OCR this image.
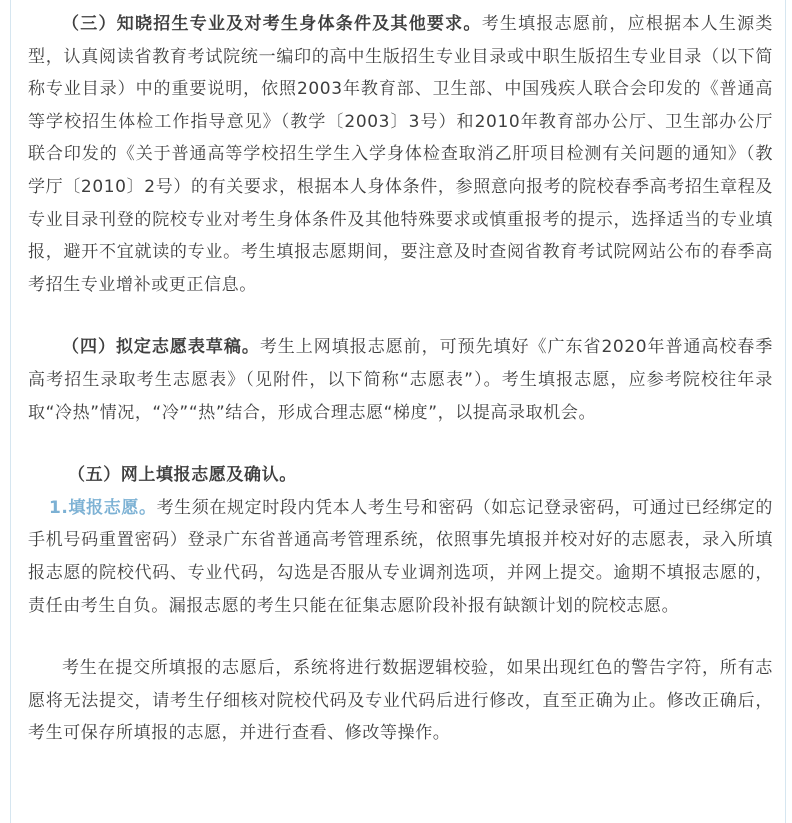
（三）知晓招生专业及对考生身体条件及其他要求。考生填报志愿前，应根据本人生源类型，认真阅读省教育考试院统一编印的高中生版招生专业目录或中职生版招生专业目录（以下简称专业目录）中的重要说明，依照2003年教育部、卫生部、中国残疾人联合会印发的《普通高等学校招生体检工作指导意见》（教学〔2003〕3号）和2010年教育部办公厅、卫生部办公厅联合印发的《关于普通高等学校招生学生入学身体检查取消乙肝项目检测有关问题的通知》（教学厅〔2010〕2号）的有关要求，根据本人身体条件，参照意向报考的院校春季高考招生章程及专业目录刊登的院校专业对考生身体条件及其他特殊要求或慎重报考的提示，选择适当的专业填报，避开不宜就读的专业。考生填报志愿期间，要注意及时查阅省教育考试院网站公布的春季高考招生专业增补或更正信息。

（四）拟定志愿表草稿。考生上网填报志愿前，可预先填好《广东省2020年普通高校春季高考招生录取考生志愿表》（见附件，以下简称“志愿表”）。考生填报志愿，应参考院校往年录取“冷热”情况，“冷”“热”结合，形成合理志愿“梯度”，以提高录取机会。

（五）网上填报志愿及确认。

1.填报志愿。考生须在规定时段内凭本人考生号和密码（如忘记登录密码，可通过已经绑定的手机号码重置密码）登录广东省普通高考管理系统，依照事先填报并校对好的志愿表，录入所填报志愿的院校代码、专业代码，勾选是否服从专业调剂选项，并网上提交。逾期不填报志愿的，责任由考生自负。漏报志愿的考生只能在征集志愿阶段补报有缺额计划的院校志愿。

考生在提交所填报的志愿后，系统将进行数据逻辑校验，如果出现红色的警告字符，所有志愿将无法提交，请考生仔细核对院校代码及专业代码后进行修改，直至正确为止。修改正确后，考生可保存所填报的志愿，并进行查看、修改等操作。
